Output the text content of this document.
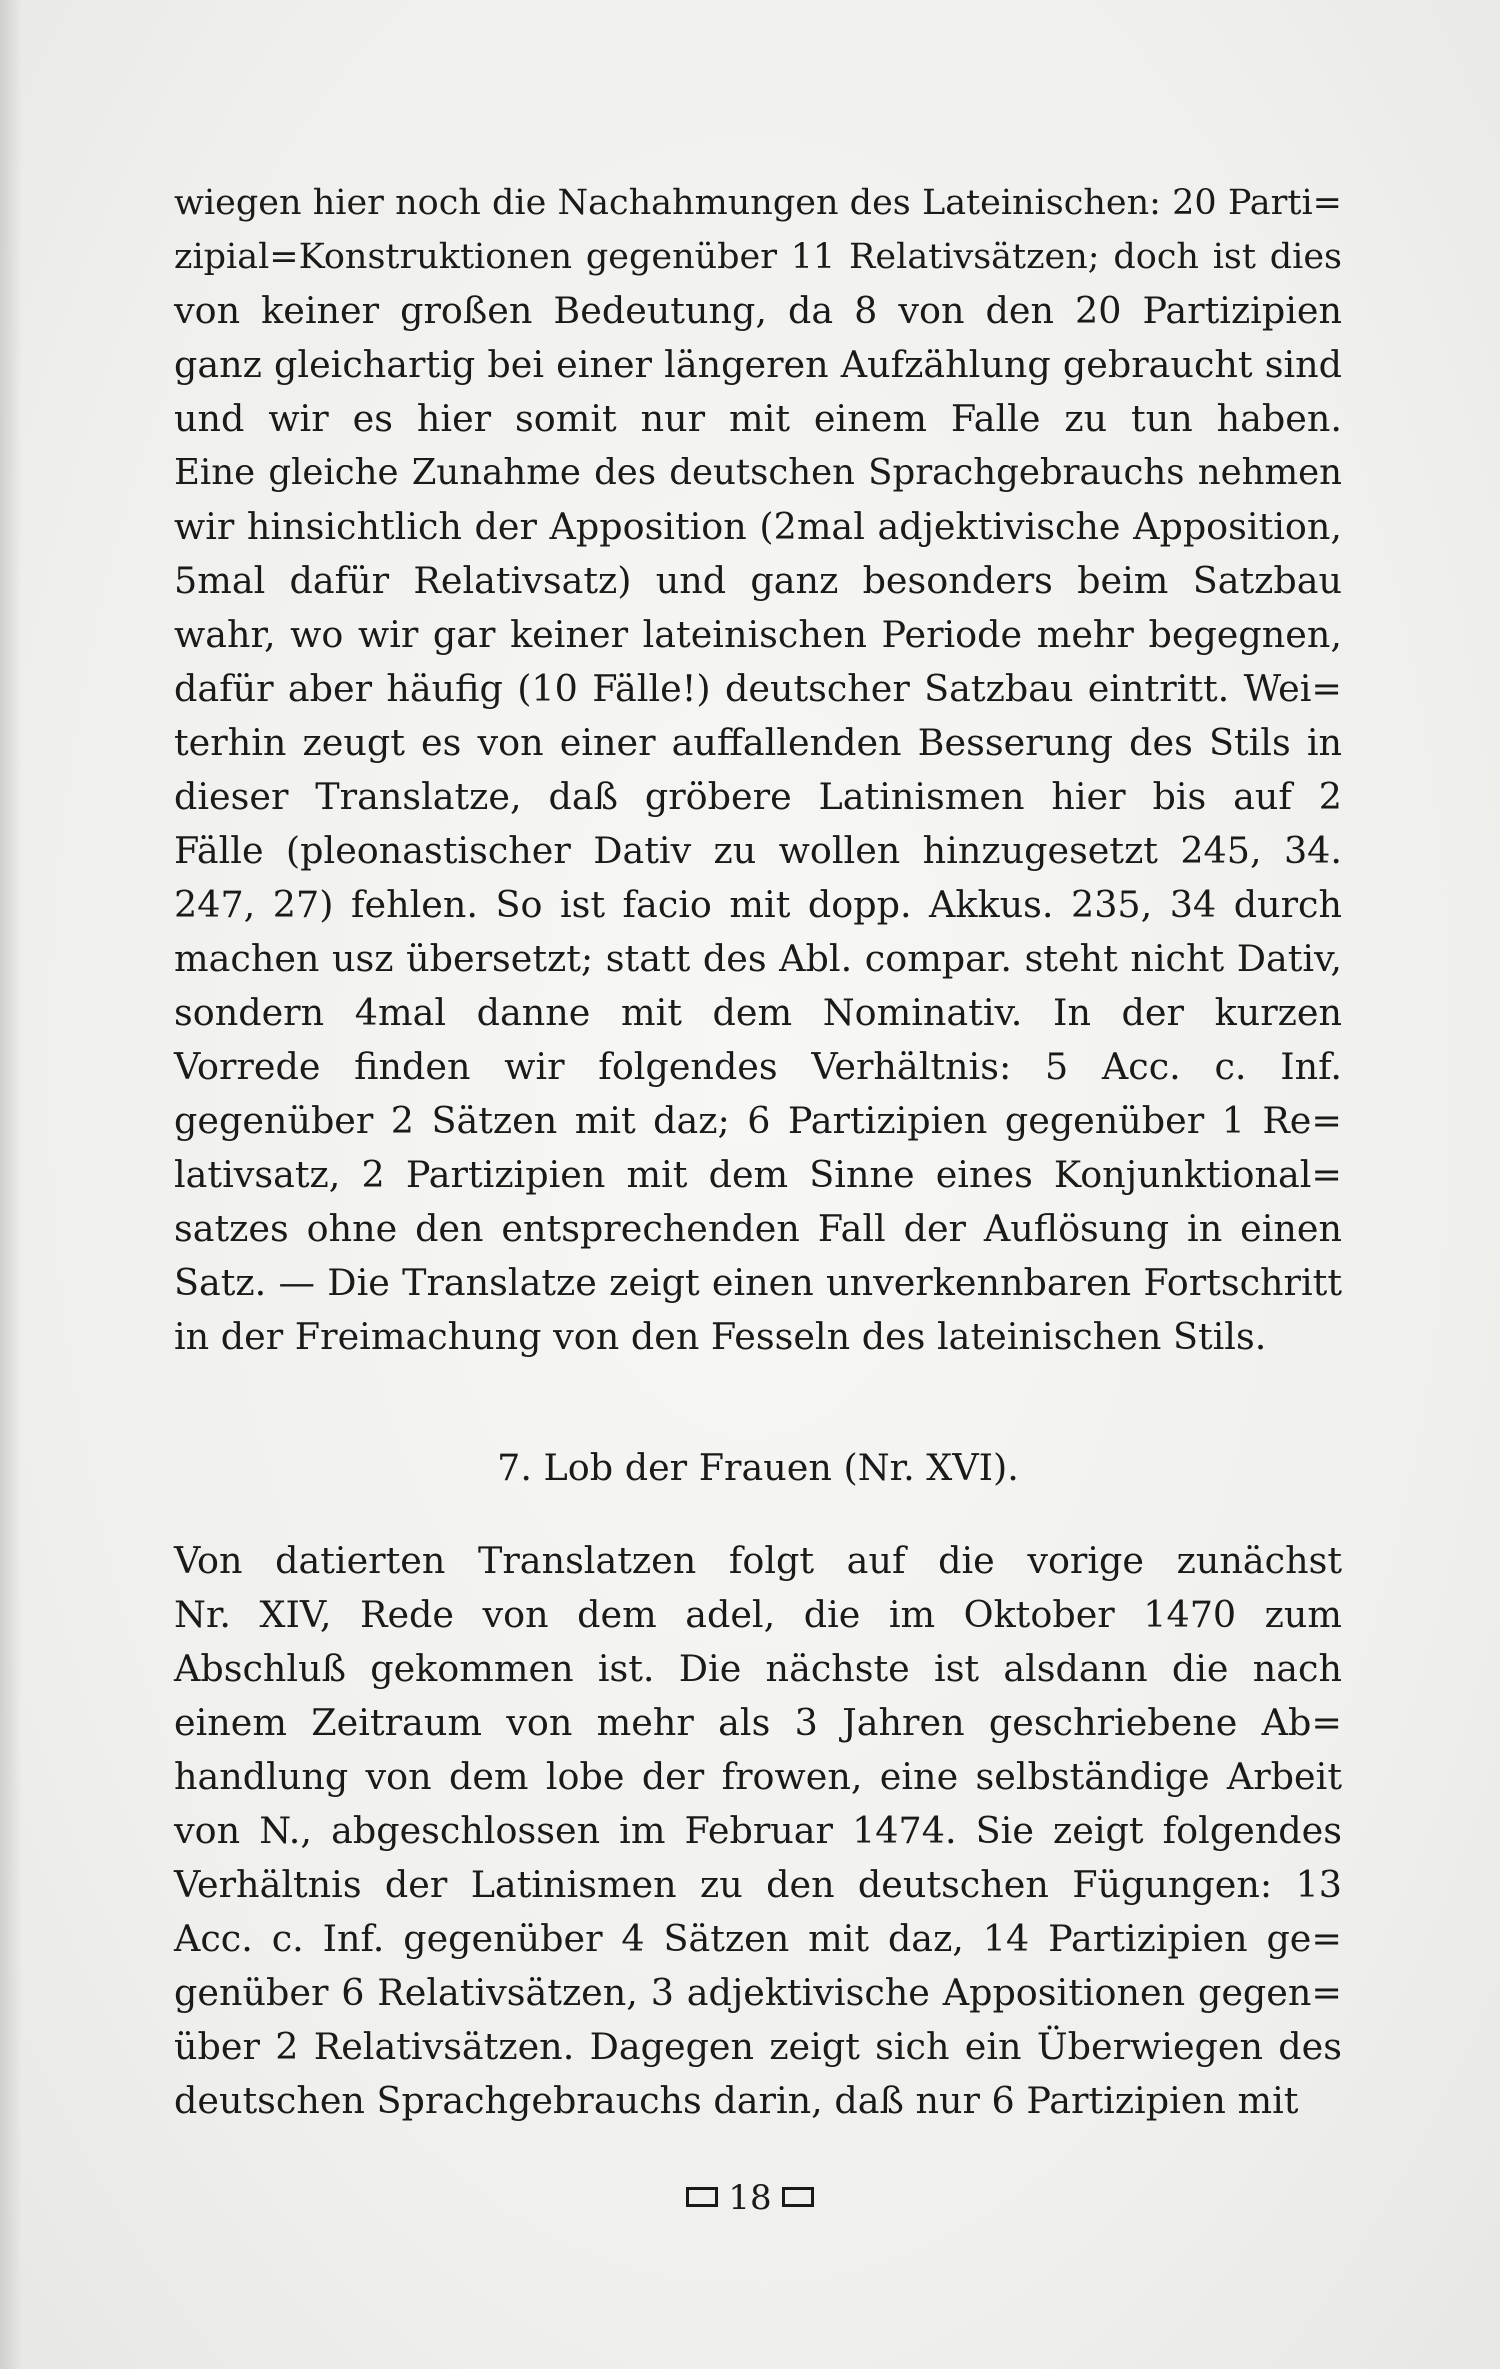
wiegen hier noch die Nachahmungen des Lateinischen: 20 Parti=
zipial=Konstruktionen gegenüber 11 Relativsätzen; doch ist dies
von keiner großen Bedeutung, da 8 von den 20 Partizipien
ganz gleichartig bei einer längeren Aufzählung gebraucht sind
und wir es hier somit nur mit einem Falle zu tun haben.
Eine gleiche Zunahme des deutschen Sprachgebrauchs nehmen
wir hinsichtlich der Apposition (2mal adjektivische Apposition,
5mal dafür Relativsatz) und ganz besonders beim Satzbau
wahr, wo wir gar keiner lateinischen Periode mehr begegnen,
dafür aber häufig (10 Fälle!) deutscher Satzbau eintritt. Wei=
terhin zeugt es von einer auffallenden Besserung des Stils in
dieser Translatze, daß gröbere Latinismen hier bis auf 2
Fälle (pleonastischer Dativ zu wollen hinzugesetzt 245, 34.
247, 27) fehlen. So ist facio mit dopp. Akkus. 235, 34 durch
machen usz übersetzt; statt des Abl. compar. steht nicht Dativ,
sondern 4mal danne mit dem Nominativ. In der kurzen
Vorrede finden wir folgendes Verhältnis: 5 Acc. c. Inf.
gegenüber 2 Sätzen mit daz; 6 Partizipien gegenüber 1 Re=
lativsatz, 2 Partizipien mit dem Sinne eines Konjunktional=
satzes ohne den entsprechenden Fall der Auflösung in einen
Satz. — Die Translatze zeigt einen unverkennbaren Fortschritt
in der Freimachung von den Fesseln des lateinischen Stils.
7. Lob der Frauen (Nr. XVI).
Von datierten Translatzen folgt auf die vorige zunächst
Nr. XIV, Rede von dem adel, die im Oktober 1470 zum
Abschluß gekommen ist. Die nächste ist alsdann die nach
einem Zeitraum von mehr als 3 Jahren geschriebene Ab=
handlung von dem lobe der frowen, eine selbständige Arbeit
von N., abgeschlossen im Februar 1474. Sie zeigt folgendes
Verhältnis der Latinismen zu den deutschen Fügungen: 13
Acc. c. Inf. gegenüber 4 Sätzen mit daz, 14 Partizipien ge=
genüber 6 Relativsätzen, 3 adjektivische Appositionen gegen=
über 2 Relativsätzen. Dagegen zeigt sich ein Überwiegen des
deutschen Sprachgebrauchs darin, daß nur 6 Partizipien mit
18
